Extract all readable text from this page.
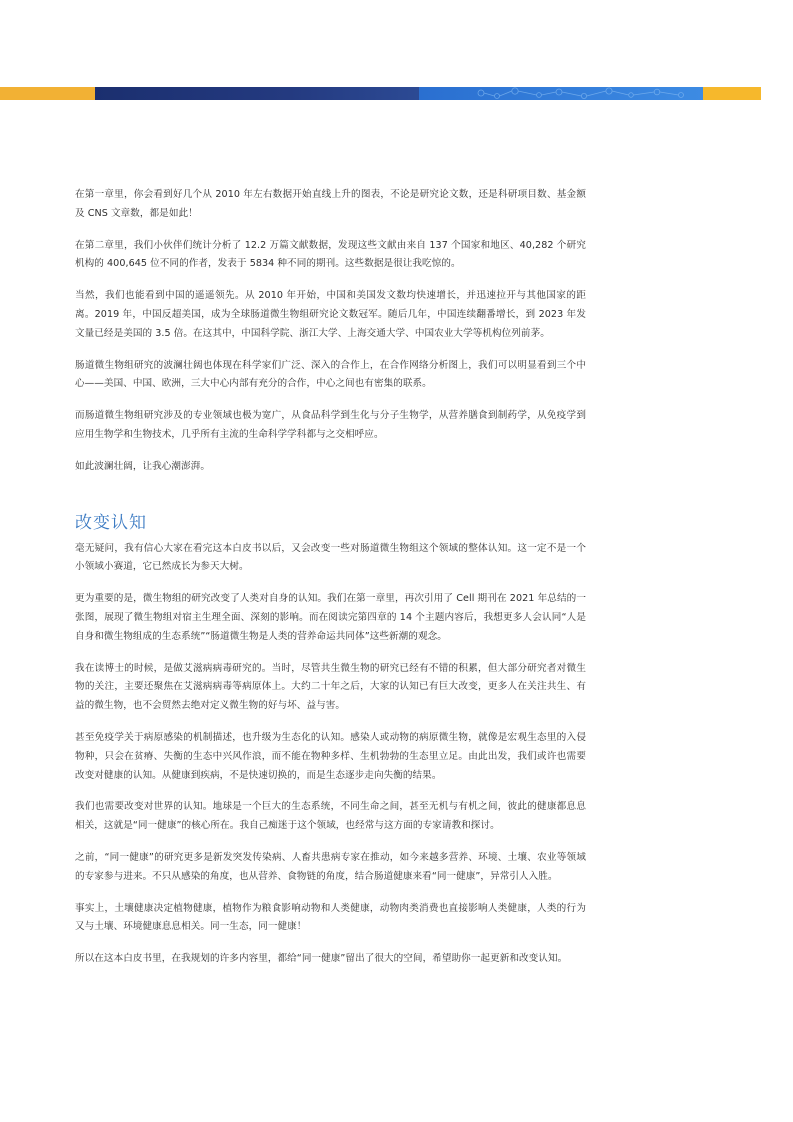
在第一章里，你会看到好几个从 2010 年左右数据开始直线上升的图表，不论是研究论文数，还是科研项目数、基金额及 CNS 文章数，都是如此！

在第二章里，我们小伙伴们统计分析了 12.2 万篇文献数据，发现这些文献由来自 137 个国家和地区、40,282 个研究机构的 400,645 位不同的作者，发表于 5834 种不同的期刊。这些数据是很让我吃惊的。

当然，我们也能看到中国的遥遥领先。从 2010 年开始，中国和美国发文数均快速增长，并迅速拉开与其他国家的距离。2019 年，中国反超美国，成为全球肠道微生物组研究论文数冠军。随后几年，中国连续翻番增长，到 2023 年发文量已经是美国的 3.5 倍。在这其中，中国科学院、浙江大学、上海交通大学、中国农业大学等机构位列前茅。

肠道微生物组研究的波澜壮阔也体现在科学家们广泛、深入的合作上，在合作网络分析图上，我们可以明显看到三个中心——美国、中国、欧洲，三大中心内部有充分的合作，中心之间也有密集的联系。

而肠道微生物组研究涉及的专业领域也极为宽广，从食品科学到生化与分子生物学，从营养膳食到制药学，从免疫学到应用生物学和生物技术，几乎所有主流的生命科学学科都与之交相呼应。

如此波澜壮阔，让我心潮澎湃。

改变认知

毫无疑问，我有信心大家在看完这本白皮书以后，又会改变一些对肠道微生物组这个领域的整体认知。这一定不是一个小领域小赛道，它已然成长为参天大树。

更为重要的是，微生物组的研究改变了人类对自身的认知。我们在第一章里，再次引用了 Cell 期刊在 2021 年总结的一张图，展现了微生物组对宿主生理全面、深刻的影响。而在阅读完第四章的 14 个主题内容后，我想更多人会认同“人是自身和微生物组成的生态系统”“肠道微生物是人类的营养命运共同体”这些新潮的观念。

我在读博士的时候，是做艾滋病病毒研究的。当时，尽管共生微生物的研究已经有不错的积累，但大部分研究者对微生物的关注，主要还聚焦在艾滋病病毒等病原体上。大约二十年之后，大家的认知已有巨大改变，更多人在关注共生、有益的微生物，也不会贸然去绝对定义微生物的好与坏、益与害。

甚至免疫学关于病原感染的机制描述，也升级为生态化的认知。感染人或动物的病原微生物，就像是宏观生态里的入侵物种，只会在贫瘠、失衡的生态中兴风作浪，而不能在物种多样、生机勃勃的生态里立足。由此出发，我们或许也需要改变对健康的认知。从健康到疾病，不是快速切换的，而是生态逐步走向失衡的结果。

我们也需要改变对世界的认知。地球是一个巨大的生态系统，不同生命之间，甚至无机与有机之间，彼此的健康都息息相关，这就是“同一健康”的核心所在。我自己痴迷于这个领域，也经常与这方面的专家请教和探讨。

之前，“同一健康”的研究更多是新发突发传染病、人畜共患病专家在推动，如今来越多营养、环境、土壤、农业等领域的专家参与进来。不只从感染的角度，也从营养、食物链的角度，结合肠道健康来看“同一健康”，异常引人入胜。

事实上，土壤健康决定植物健康，植物作为粮食影响动物和人类健康，动物肉类消费也直接影响人类健康，人类的行为又与土壤、环境健康息息相关。同一生态，同一健康！

所以在这本白皮书里，在我规划的许多内容里，都给“同一健康”留出了很大的空间，希望助你一起更新和改变认知。
